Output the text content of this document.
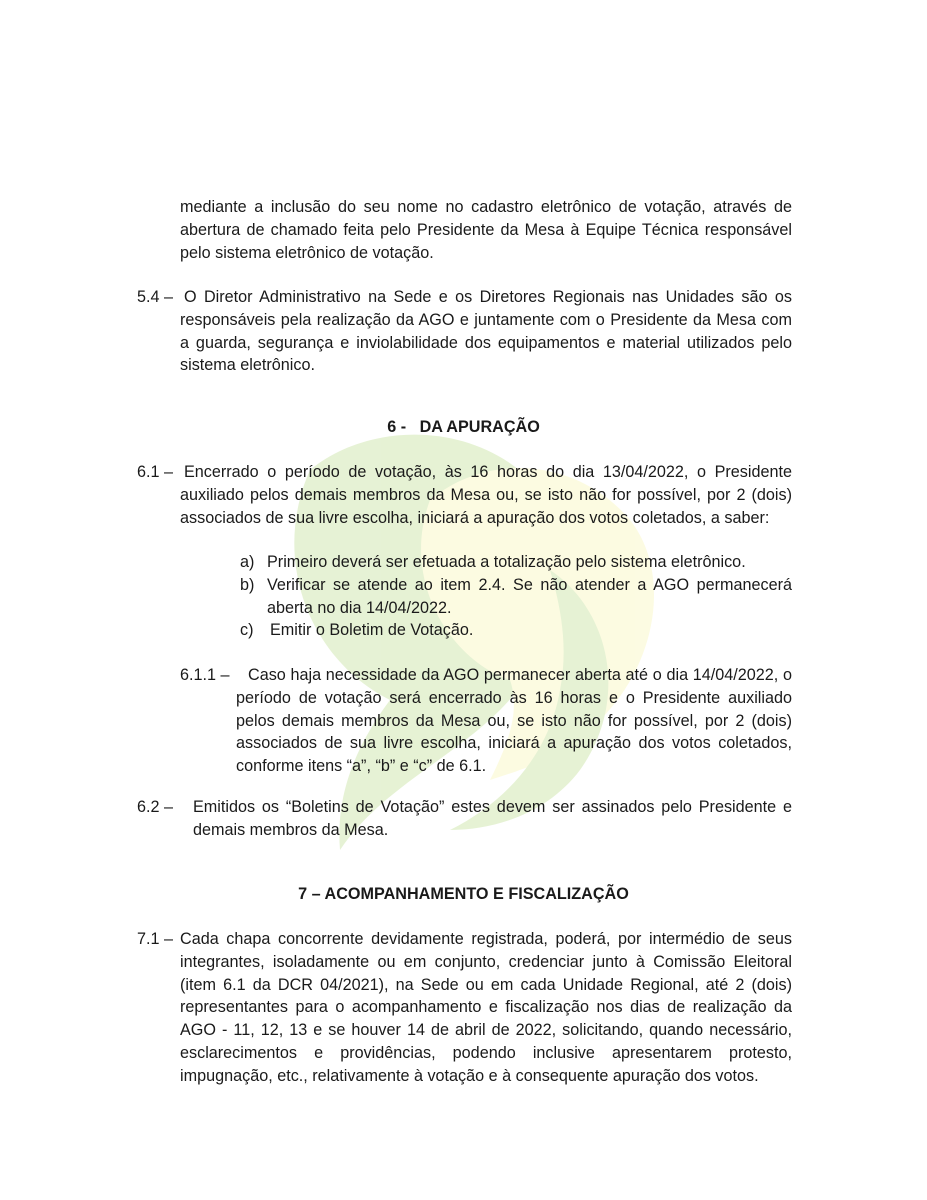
mediante a inclusão do seu nome no cadastro eletrônico de votação, através de
abertura de chamado feita pelo Presidente da Mesa à Equipe Técnica responsável
pelo sistema eletrônico de votação.
5.4 – O Diretor Administrativo na Sede e os Diretores Regionais nas Unidades são os
responsáveis pela realização da AGO e juntamente com o Presidente da Mesa com
a guarda, segurança e inviolabilidade dos equipamentos e material utilizados pelo
sistema eletrônico.
6 -   DA APURAÇÃO
6.1 – Encerrado o período de votação, às 16 horas do dia 13/04/2022, o Presidente
auxiliado pelos demais membros da Mesa ou, se isto não for possível, por 2 (dois)
associados de sua livre escolha, iniciará a apuração dos votos coletados, a saber:
a) Primeiro deverá ser efetuada a totalização pelo sistema eletrônico.
b) Verificar se atende ao item 2.4. Se não atender a AGO permanecerá
aberta no dia 14/04/2022.
c) Emitir o Boletim de Votação.
6.1.1 – Caso haja necessidade da AGO permanecer aberta até o dia 14/04/2022, o
período de votação será encerrado às 16 horas e o Presidente auxiliado
pelos demais membros da Mesa ou, se isto não for possível, por 2 (dois)
associados de sua livre escolha, iniciará a apuração dos votos coletados,
conforme itens “a”, “b” e “c” de 6.1.
6.2 – Emitidos os “Boletins de Votação” estes devem ser assinados pelo Presidente e
demais membros da Mesa.
7 – ACOMPANHAMENTO E FISCALIZAÇÃO
7.1 – Cada chapa concorrente devidamente registrada, poderá, por intermédio de seus
integrantes, isoladamente ou em conjunto, credenciar junto à Comissão Eleitoral
(item 6.1 da DCR 04/2021), na Sede ou em cada Unidade Regional, até 2 (dois)
representantes para o acompanhamento e fiscalização nos dias de realização da
AGO - 11, 12, 13 e se houver 14 de abril de 2022, solicitando, quando necessário,
esclarecimentos e providências, podendo inclusive apresentarem protesto,
impugnação, etc., relativamente à votação e à consequente apuração dos votos.
